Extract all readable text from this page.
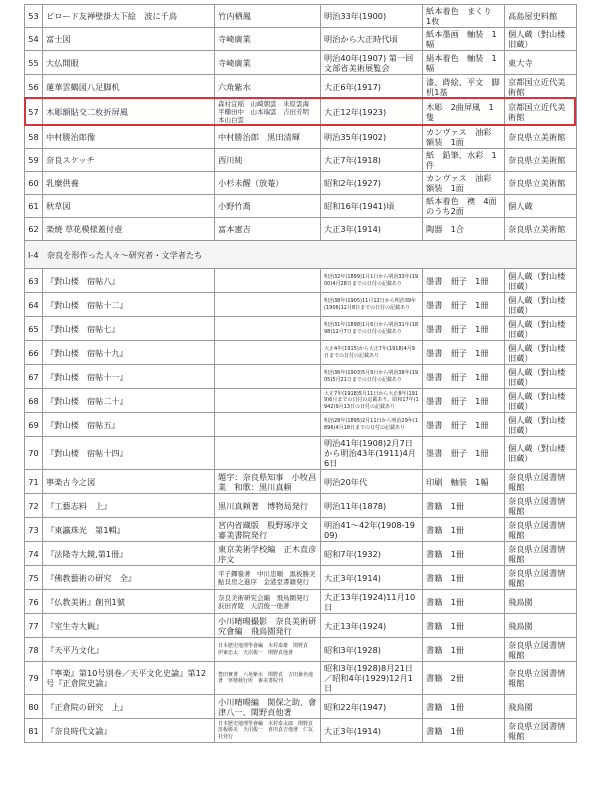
53	ビロード友禅壁掛大下絵　波に千鳥	竹内栖鳳	明治33年(1900)	紙本着色　まくり　1枚	高島屋史料館
54	富士図	寺崎廣業	明治から大正時代頃	紙本墨画　軸装　1幅	個人蔵（對山楼旧蔵）
55	大仏開眼	寺崎廣業	明治40年(1907) 第一回文部省美術展覧会	絹本着色　軸装　1幅	東大寺
56	蓮華雲鶴図八足脚机	六角紫水	大正6年(1917)	漆、蒔絵、平文　脚机1基	京都国立近代美術館
57	木彫額貼交二枚折屏風	森村宜稲　山崎朝雲　米原雲海　平櫛田中　山本瑞雲　吉田芳明　本山白雲	大正12年(1923)	木彫　2曲屏風　1隻	京都国立近代美術館
58	中村勝治郎像	中村勝治郎　黒田清輝	明治35年(1902)	カンヴァス　油彩　額装　1面	奈良県立美術館
59	奈良スケッチ	西川純	大正7年(1918)	紙　鉛筆、水彩　1件	奈良県立美術館
60	乳糜供養	小杉未醒（放菴）	昭和2年(1927)	カンヴァス　油彩　額装　1面	奈良県立美術館
61	秋草図	小野竹喬	昭和16年(1941)頃	紙本着色　襖　4面のうち2面	個人蔵
62	楽焼 草花模様蓋付壺	富本憲吉	大正3年(1914)	陶器　1合	奈良県立美術館
Ⅰ-4　奈良を形作った人々～研究者・文学者たち					
63	『對山楼　宿帖八』		明治32年(1899)1月1日から明治33年(1900)4月28日までの日付の記載あり	墨書　冊子　1冊	個人蔵（對山楼旧蔵）
64	『對山楼　宿帖十二』		明治38年(1905)11月12日から明治39年(1906)12月8日までの日付の記載あり	墨書　冊子　1冊	個人蔵（對山楼旧蔵）
65	『對山楼　宿帖七』		明治31年(1898)1月6日から明治31年(1898)12月7日までの日付の記載あり	墨書　冊子　1冊	個人蔵（對山楼旧蔵）
66	『對山楼　宿帖十九』		大正4年(1915)から大正7年(1918)4月9日までの日付の記載あり	墨書　冊子　1冊	個人蔵（對山楼旧蔵）
67	『對山楼　宿帖十一』		明治36年(1903)5月9日から明治38年(1905)5月21日までの日付の記載あり	墨書　冊子　1冊	個人蔵（對山楼旧蔵）
68	『對山楼　宿帖二十』		大正7年(1918)5月11日から大正8年(1919)6月までの日付の記載あり、昭和17年(1942)9月13日の日付の記載あり	墨書　冊子　1冊	個人蔵（對山楼旧蔵）
69	『對山楼　宿帖五』		明治28年(1895)2月11日から明治29年(1896)4月18日までの日付の記載あり	墨書　冊子　1冊	個人蔵（對山楼旧蔵）
70	『對山楼　宿帖十四』		明治41年(1908)2月7日から明治43年(1911)4月6日	墨書　冊子　1冊	個人蔵（對山楼旧蔵）
71	寧楽古今之図	題字：奈良県知事　小牧昌業　和歌：黒川真頼	明治20年代	印刷　軸装　1幅	奈良県立図書情報館
72	『工藝志料　上』	黒川真頼著　博物局発行	明治11年(1878)	書籍　1冊	奈良県立図書情報館
73	『東瀛珠光　第1輯』	宮内省蔵版　股野琢序文　審美書院発行	明治41～42年(1908-1909)	書籍　1冊	奈良県立図書情報館
74	『法隆寺大鏡,第1冊』	東京美術学校編　正木直彦序文	昭和7年(1932)	書籍　1冊	奈良県立図書情報館
75	『佛教藝術の研究　全』	平子鐸嶺著　中川忠順　黒板勝美　鮎貝房之進序　金港堂書籍発行	大正3年(1914)	書籍　1冊	奈良県立図書情報館
76	『仏教美術』創刊1號	奈良美術研究会編　飛鳥園発行　浜田青陵　天沼俊一他著	大正13年(1924)11月10日	書籍　1冊	飛鳥園
77	『室生寺大観』	小川晴暘撮影　奈良美術研究會編　飛鳥園発行	大正13年(1924)	書籍　1冊	飛鳥園
78	『天平乃文化』	日本歴史地理學會編　木村泰雄　関野貞　伊東忠太　天沼俊一　関野貞他著	昭和3年(1928)	書籍　1冊	奈良県立図書情報館
79	『寧楽』第10号別巻／天平文化史論』第12号『正倉院史論』	豊田實著　六角紫水　関野貞　吉田兼名他著　寧楽發行所　審美書院刊	昭和3年(1928)8月21日／昭和4年(1929)12月1日	書籍　2冊	奈良県立図書情報館
80	『正倉院の研究　上』	小川晴暘編　関保之助、會津八一、関野貞他著	昭和22年(1947)	書籍　1冊	飛鳥園
81	『奈良時代文論』	日本歴史地理學會編　木村泰太郎　関野貞　黒板勝美　天沼俊一　喜田貞吉他著　仁友社発行	大正3年(1914)	書籍　1冊	奈良県立図書情報館
